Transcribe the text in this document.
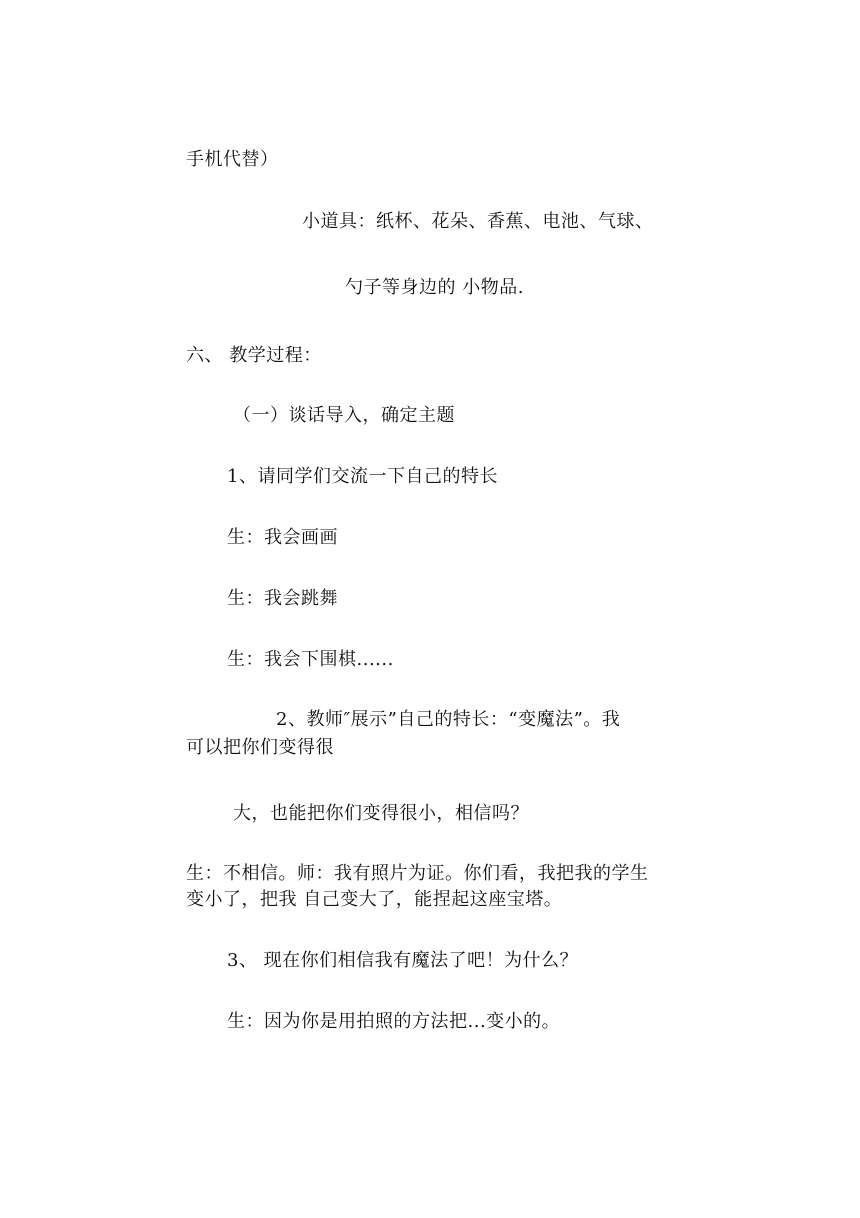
手机代替）
小道具：纸杯、花朵、香蕉、电池、气球、
勺子等身边的 小物品.
六、 教学过程：
（一）谈话导入，确定主题
1、请同学们交流一下自己的特长
生：我会画画
生：我会跳舞
生：我会下围棋......
2、教师″展示”自己的特长：“变魔法”。我
可以把你们变得很
大，也能把你们变得很小，相信吗？
生：不相信。师：我有照片为证。你们看，我把我的学生
变小了，把我 自己变大了，能捏起这座宝塔。
3、 现在你们相信我有魔法了吧！为什么？
生：因为你是用拍照的方法把...变小的。
